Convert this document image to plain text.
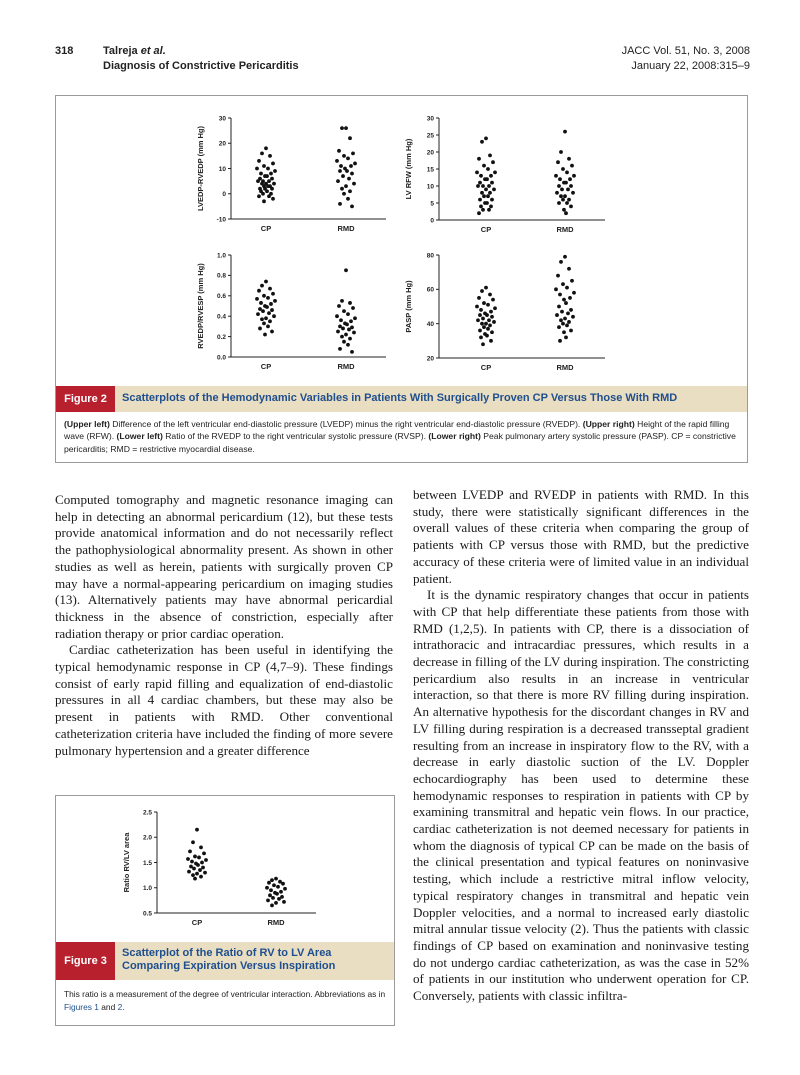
318	Talreja et al.
Diagnosis of Constrictive Pericarditis
JACC Vol. 51, No. 3, 2008
January 22, 2008:315–9
30
20
10
0
-10
LVEDP-RVEDP (mm Hg)
CP	RMD
30
25
20
15
10
5
0
LV RFW (mm Hg)
CP	RMD
1.0
0.8
0.6
0.4
0.2
0.0
RVEDP/RVESP (mm Hg)
CP	RMD
80
60
40
20
PASP (mm Hg)
CP	RMD
Figure 2	Scatterplots of the Hemodynamic Variables in Patients With Surgically Proven CP Versus Those With RMD
(Upper left) Difference of the left ventricular end-diastolic pressure (LVEDP) minus the right ventricular end-diastolic pressure (RVEDP). (Upper right) Height of the rapid filling wave (RFW). (Lower left) Ratio of the RVEDP to the right ventricular systolic pressure (RVSP). (Lower right) Peak pulmonary artery systolic pressure (PASP). CP = constrictive pericarditis; RMD = restrictive myocardial disease.

Computed tomography and magnetic resonance imaging can help in detecting an abnormal pericardium (12), but these tests provide anatomical information and do not necessarily reflect the pathophysiological abnormality present. As shown in other studies as well as herein, patients with surgically proven CP may have a normal-appearing pericardium on imaging studies (13). Alternatively patients may have abnormal pericardial thickness in the absence of constriction, especially after radiation therapy or prior cardiac operation.

Cardiac catheterization has been useful in identifying the typical hemodynamic response in CP (4,7–9). These findings consist of early rapid filling and equalization of end-diastolic pressures in all 4 cardiac chambers, but these may also be present in patients with RMD. Other conventional catheterization criteria have included the finding of more severe pulmonary hypertension and a greater difference

between LVEDP and RVEDP in patients with RMD. In this study, there were statistically significant differences in the overall values of these criteria when comparing the group of patients with CP versus those with RMD, but the predictive accuracy of these criteria were of limited value in an individual patient.

It is the dynamic respiratory changes that occur in patients with CP that help differentiate these patients from those with RMD (1,2,5). In patients with CP, there is a dissociation of intrathoracic and intracardiac pressures, which results in a decrease in filling of the LV during inspiration. The constricting pericardium also results in an increase in ventricular interaction, so that there is more RV filling during inspiration. An alternative hypothesis for the discordant changes in RV and LV filling during respiration is a decreased transseptal gradient resulting from an increase in inspiratory flow to the RV, with a decrease in early diastolic suction of the LV. Doppler echocardiography has been used to determine these hemodynamic responses to respiration in patients with CP by examining transmitral and hepatic vein flows. In our practice, cardiac catheterization is not deemed necessary for patients in whom the diagnosis of typical CP can be made on the basis of the clinical presentation and typical features on noninvasive testing, which include a restrictive mitral inflow velocity, typical respiratory changes in transmitral and hepatic vein Doppler velocities, and a normal to increased early diastolic mitral annular tissue velocity (2). Thus the patients with classic findings of CP based on examination and noninvasive testing do not undergo cardiac catheterization, as was the case in 52% of patients in our institution who underwent operation for CP. Conversely, patients with classic infiltra-

2.5
2.0
1.5
1.0
0.5
Ratio RV/LV area
CP	RMD
Figure 3
Scatterplot of the Ratio of RV to LV Area Comparing Expiration Versus Inspiration
This ratio is a measurement of the degree of ventricular interaction. Abbreviations as in Figures 1 and 2.
